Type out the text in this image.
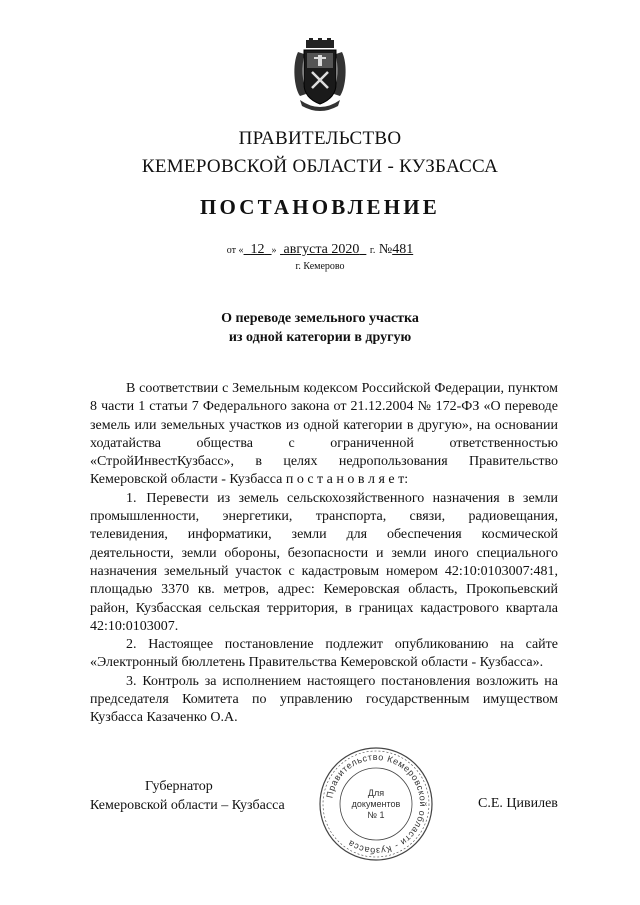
ПРАВИТЕЛЬСТВО
КЕМЕРОВСКОЙ ОБЛАСТИ - КУЗБАССА
ПОСТАНОВЛЕНИЕ
от « 12 » августа 2020 г. №481
г. Кемерово
О переводе земельного участка
из одной категории в другую

В соответствии с Земельным кодексом Российской Федерации, пунктом 8 части 1 статьи 7 Федерального закона от 21.12.2004 № 172-ФЗ «О переводе земель или земельных участков из одной категории в другую», на основании ходатайства общества с ограниченной ответственностью «СтройИнвестКузбасс», в целях недропользования Правительство Кемеровской области - Кузбасса п о с т а н о в л я е т:

1. Перевести из земель сельскохозяйственного назначения в земли промышленности, энергетики, транспорта, связи, радиовещания, телевидения, информатики, земли для обеспечения космической деятельности, земли обороны, безопасности и земли иного специального назначения земельный участок с кадастровым номером 42:10:0103007:481, площадью 3370 кв. метров, адрес: Кемеровская область, Прокопьевский район, Кузбасская сельская территория, в границах кадастрового квартала 42:10:0103007.

2. Настоящее постановление подлежит опубликованию на сайте «Электронный бюллетень Правительства Кемеровской области - Кузбасса».

3. Контроль за исполнением настоящего постановления возложить на председателя Комитета по управлению государственным имуществом Кузбасса Казаченко О.А.

Губернатор
Кемеровской области – Кузбасса
Правительство Кемеровской области - Кузбасса
Для
документов
№ 1
С.Е. Цивилев
